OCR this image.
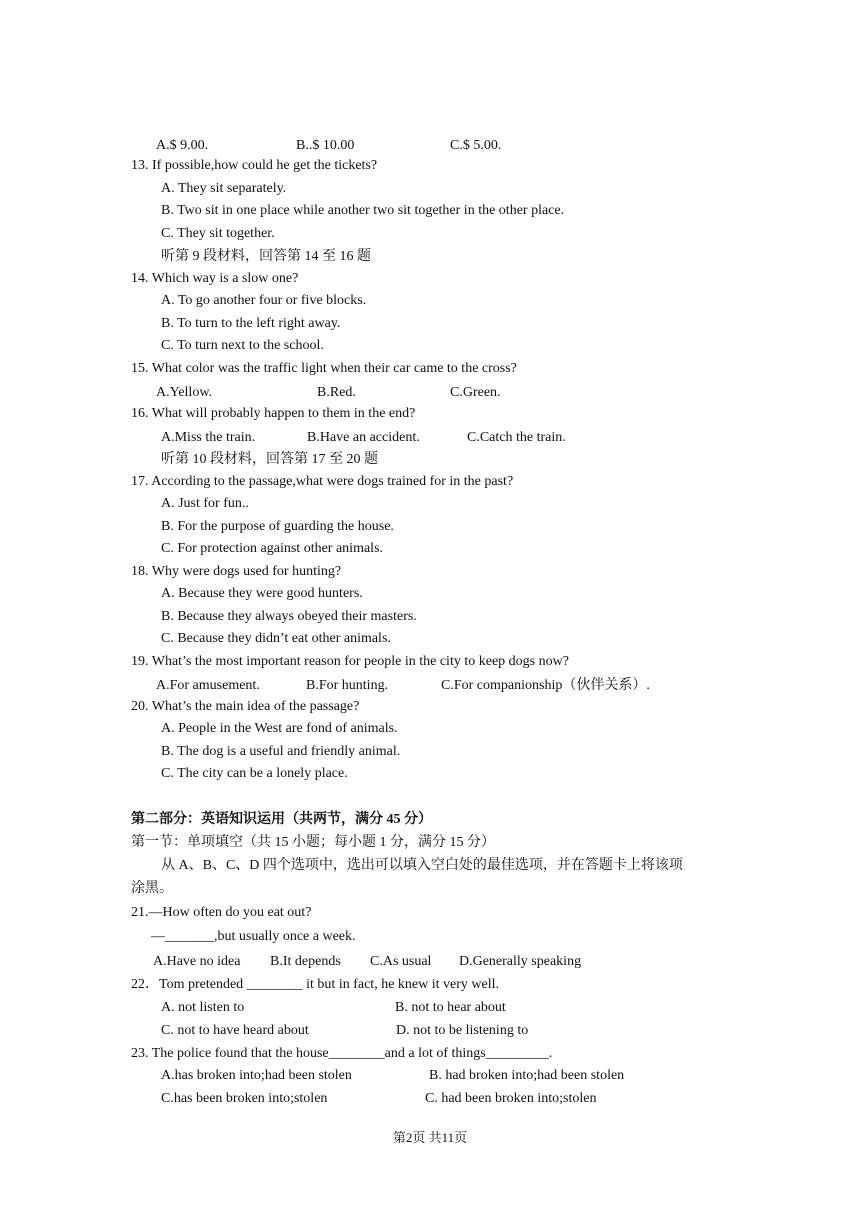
A.$ 9.00.	B..$ 10.00	C.$ 5.00.
13. If possible,how could he get the tickets?
A. They sit separately.
B. Two sit in one place while another two sit together in the other place.
C. They sit together.
听第 9 段材料，回答第 14 至 16 题
14. Which way is a slow one?
A. To go another four or five blocks.
B. To turn to the left right away.
C. To turn next to the school.
15. What color was the traffic light when their car came to the cross?
A.Yellow.	B.Red.	C.Green.
16. What will probably happen to them in the end?
A.Miss the train.	B.Have an accident.	C.Catch the train.
听第 10 段材料，回答第 17 至 20 题
17. According to the passage,what were dogs trained for in the past?
A. Just for fun..
B. For the purpose of guarding the house.
C. For protection against other animals.
18. Why were dogs used for hunting?
A. Because they were good hunters.
B. Because they always obeyed their masters.
C. Because they didn’t eat other animals.
19. What’s the most important reason for people in the city to keep dogs now?
A.For amusement.	B.For hunting.	C.For companionship（伙伴关系）.
20. What’s the main idea of the passage?
A. People in the West are fond of animals.
B. The dog is a useful and friendly animal.
C. The city can be a lonely place.
第二部分：英语知识运用（共两节，满分 45 分）
第一节：单项填空（共 15 小题；每小题 1 分，满分 15 分）
从 A、B、C、D 四个选项中，选出可以填入空白处的最佳选项，并在答题卡上将该项
涂黑。
21.—How often do you eat out?
—_______,but usually once a week.
A.Have no idea B.It depends C.As usual D.Generally speaking
22．Tom pretended ________ it but in fact, he knew it very well.
A. not listen to	B. not to hear about
C. not to have heard about	D. not to be listening to
23. The police found that the house________and a lot of things_________.
A.has broken into;had been stolen	B. had broken into;had been stolen
C.has been broken into;stolen	C. had been broken into;stolen
第2页 共11页
